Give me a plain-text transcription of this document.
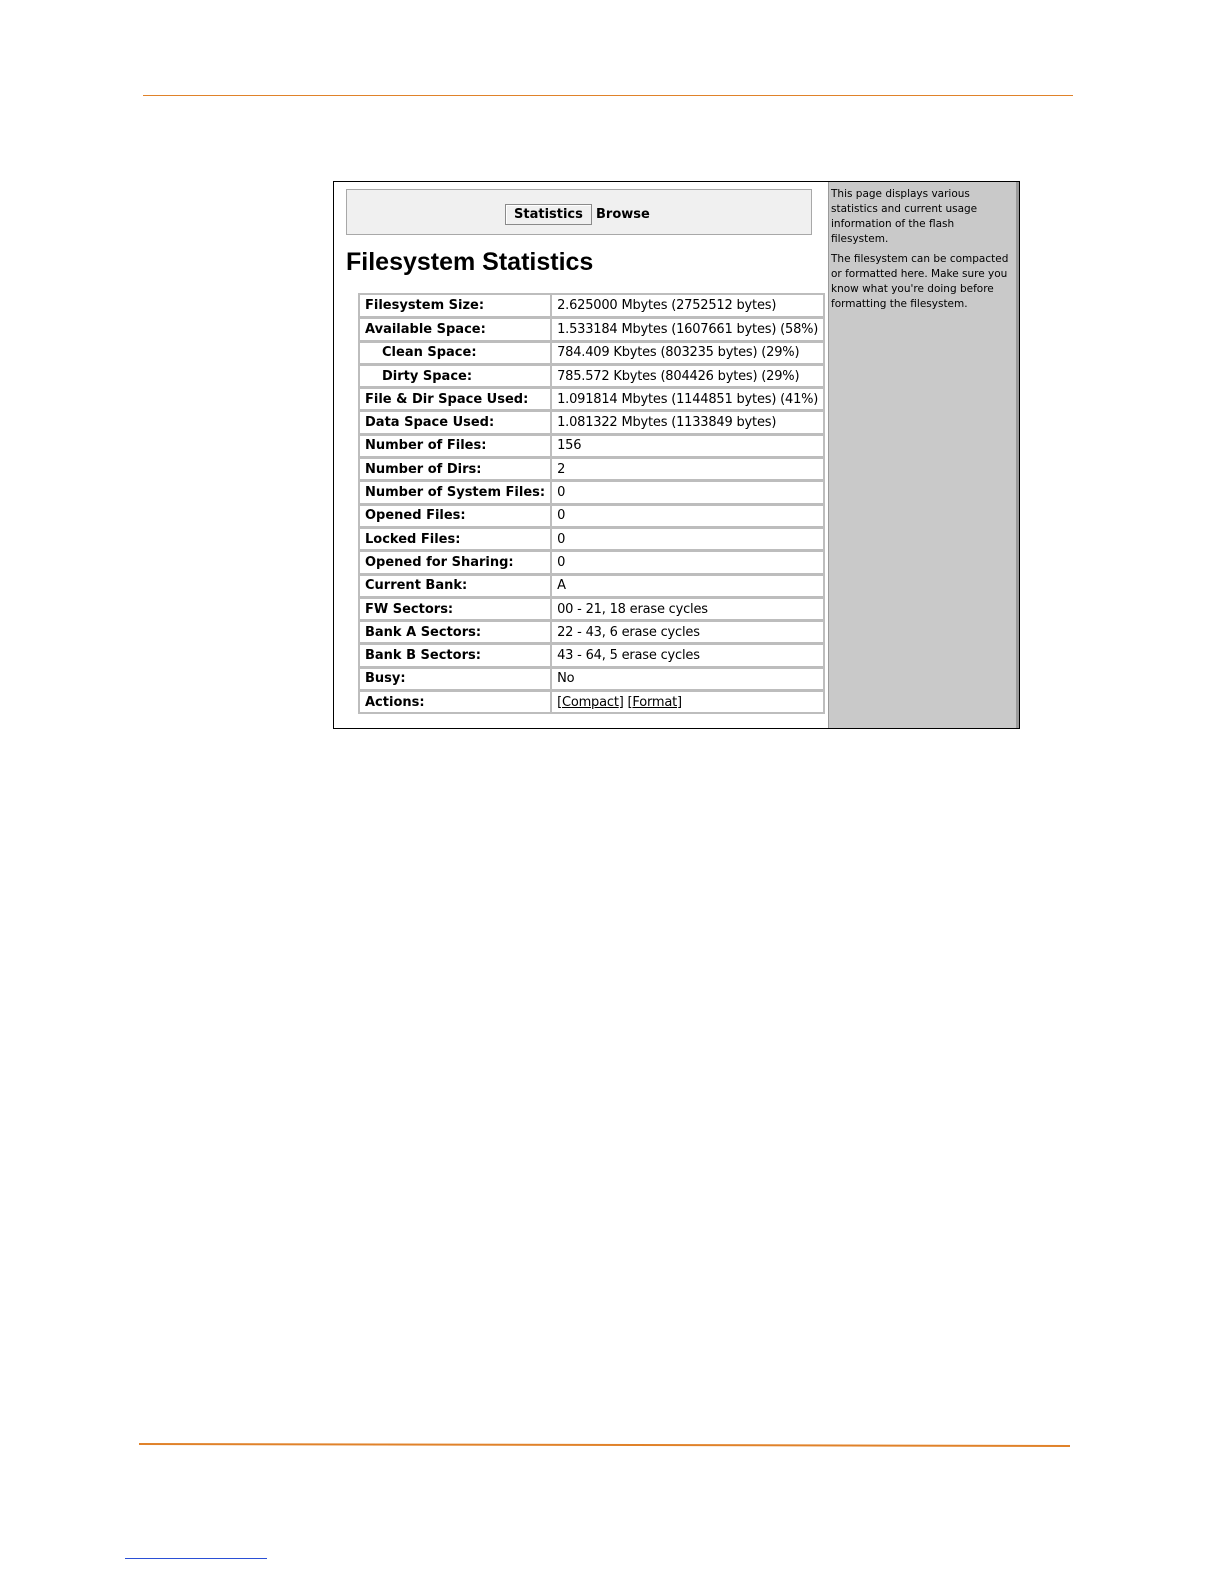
Statistics	Browse
Filesystem Statistics
Filesystem Size:	2.625000 Mbytes (2752512 bytes)
Available Space:	1.533184 Mbytes (1607661 bytes) (58%)
Clean Space:	784.409 Kbytes (803235 bytes) (29%)
Dirty Space:	785.572 Kbytes (804426 bytes) (29%)
File & Dir Space Used:	1.091814 Mbytes (1144851 bytes) (41%)
Data Space Used:	1.081322 Mbytes (1133849 bytes)
Number of Files:	156
Number of Dirs:	2
Number of System Files:	0
Opened Files:	0
Locked Files:	0
Opened for Sharing:	0
Current Bank:	A
FW Sectors:	00 - 21, 18 erase cycles
Bank A Sectors:	22 - 43, 6 erase cycles
Bank B Sectors:	43 - 64, 5 erase cycles
Busy:	No
Actions:	[Compact] [Format]

This page displays various statistics and current usage information of the flash filesystem.

The filesystem can be compacted or formatted here. Make sure you know what you're doing before formatting the filesystem.
